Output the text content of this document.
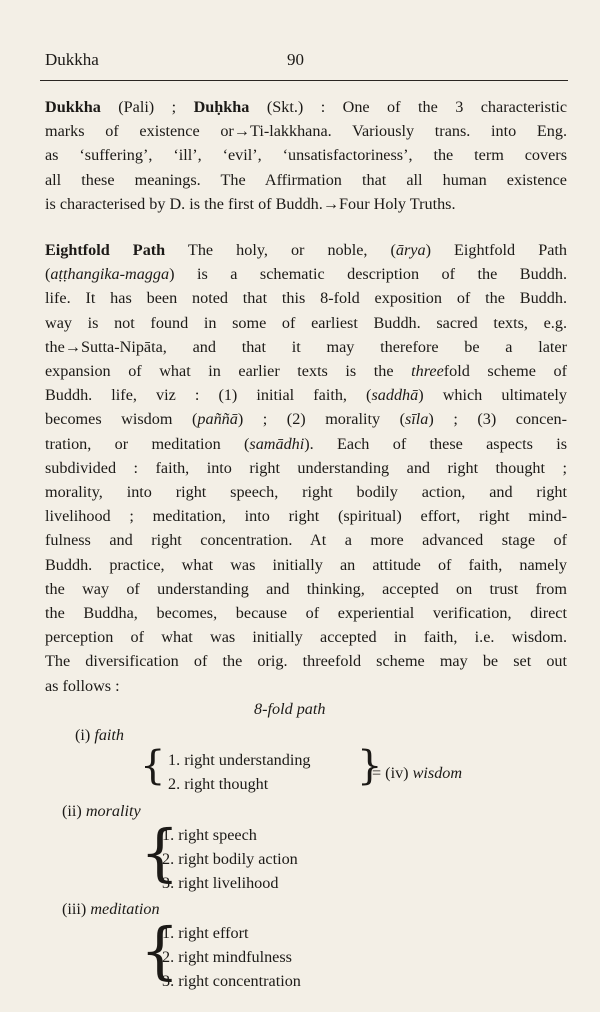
Dukkha	90
Dukkha (Pali) ; Duḥkha (Skt.) : One of the 3 characteristic
marks of existence or→Ti-lakkhana. Variously trans. into Eng.
as ‘suffering’, ‘ill’, ‘evil’, ‘unsatisfactoriness’, the term covers
all these meanings. The Affirmation that all human existence
is characterised by D. is the first of Buddh.→Four Holy Truths.
Eightfold Path The holy, or noble, (ārya) Eightfold Path
(aṭṭhangika-magga) is a schematic description of the Buddh.
life. It has been noted that this 8-fold exposition of the Buddh.
way is not found in some of earliest Buddh. sacred texts, e.g.
the→Sutta-Nipāta, and that it may therefore be a later
expansion of what in earlier texts is the threefold scheme of
Buddh. life, viz : (1) initial faith, (saddhā) which ultimately
becomes wisdom (paññā) ; (2) morality (sīla) ; (3) concen-
tration, or meditation (samādhi). Each of these aspects is
subdivided : faith, into right understanding and right thought ;
morality, into right speech, right bodily action, and right
livelihood ; meditation, into right (spiritual) effort, right mind-
fulness and right concentration. At a more advanced stage of
Buddh. practice, what was initially an attitude of faith, namely
the way of understanding and thinking, accepted on trust from
the Buddha, becomes, because of experiential verification, direct
perception of what was initially accepted in faith, i.e. wisdom.
The diversification of the orig. threefold scheme may be set out
as follows :
8-fold path
(i) faith
{ 1. right understanding
2. right thought }
= (iv) wisdom
(ii) morality
{
1. right speech
2. right bodily action
3. right livelihood
(iii) meditation
{
1. right effort
2. right mindfulness
3. right concentration
